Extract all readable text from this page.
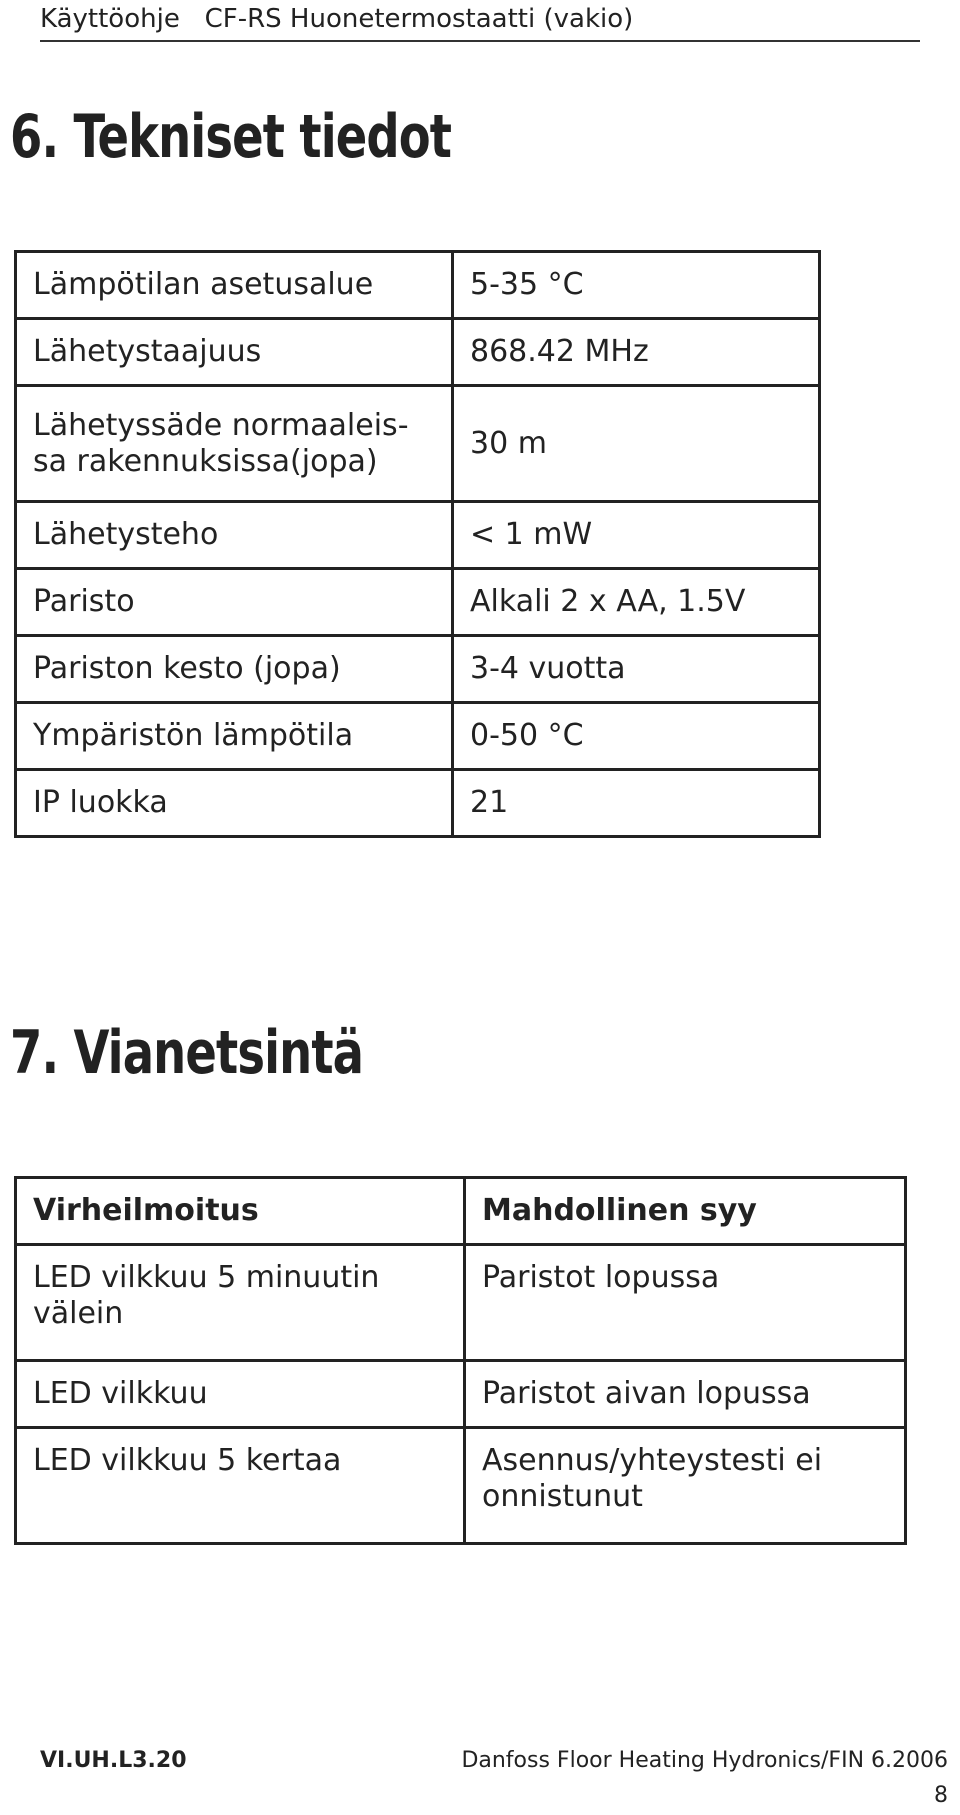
Käyttöohje   CF-RS Huonetermostaatti (vakio)
6. Tekniset tiedot
Lämpötilan asetusalue	5-35 °C
Lähetystaajuus	868.42 MHz
Lähetyssäde normaaleis-
sa rakennuksissa(jopa)	30 m
Lähetysteho	< 1 mW
Paristo	Alkali 2 x AA, 1.5V
Pariston kesto (jopa)	3-4 vuotta
Ympäristön lämpötila	0-50 °C
IP luokka	21
7. Vianetsintä
Virheilmoitus	Mahdollinen syy
LED vilkkuu 5 minuutin
välein	Paristot lopussa
LED vilkkuu	Paristot aivan lopussa
LED vilkkuu 5 kertaa	Asennus/yhteystesti ei
onnistunut
VI.UH.L3.20	Danfoss Floor Heating Hydronics/FIN 6.2006
8
